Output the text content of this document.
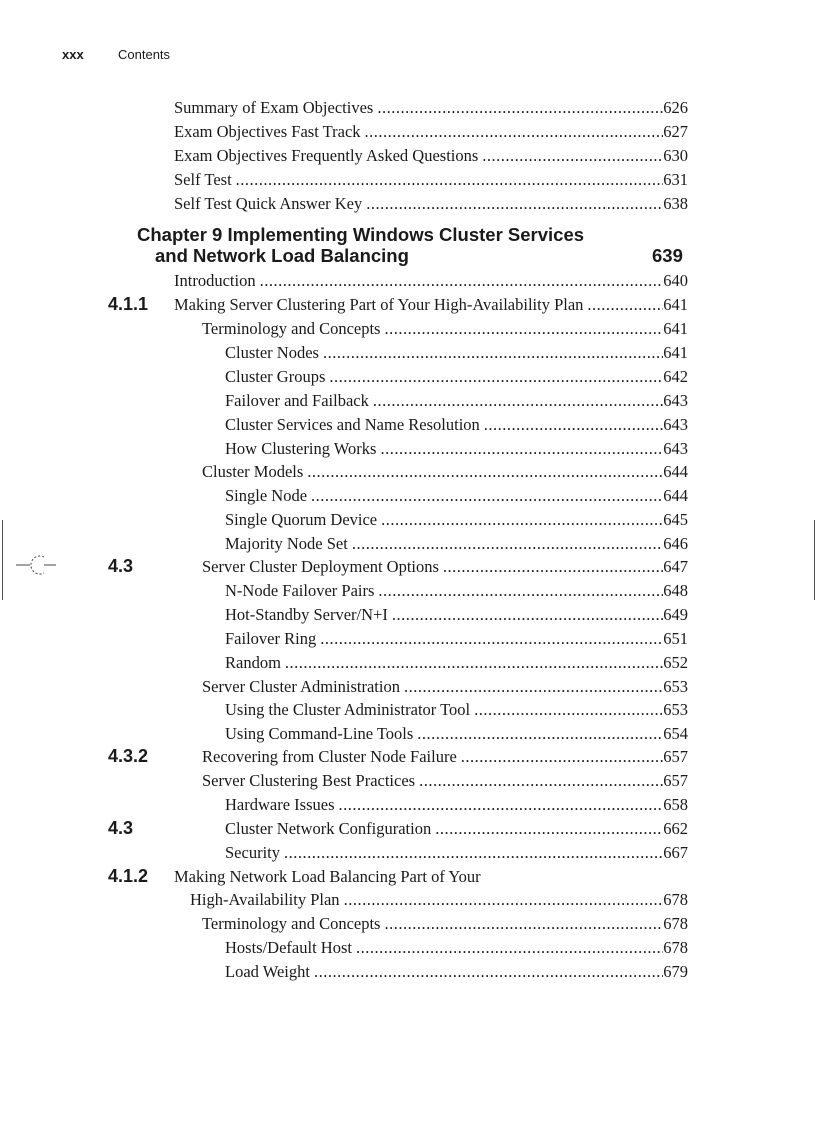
xxx	Contents
Chapter 9 Implementing Windows Cluster Services
and Network Load Balancing	639
Summary of Exam Objectives .....	626
Exam Objectives Fast Track .....	627
Exam Objectives Frequently Asked Questions .....	630
Self Test .....	631
Self Test Quick Answer Key .....	638
Introduction .....	640
Making Server Clustering Part of Your High-Availability Plan .....	641
4.1.1
Terminology and Concepts .....	641
Cluster Nodes .....	641
Cluster Groups .....	642
Failover and Failback .....	643
Cluster Services and Name Resolution .....	643
How Clustering Works .....	643
Cluster Models .....	644
Single Node .....	644
Single Quorum Device .....	645
Majority Node Set .....	646
Server Cluster Deployment Options .....	647
4.3
N-Node Failover Pairs .....	648
Hot-Standby Server/N+I .....	649
Failover Ring .....	651
Random .....	652
Server Cluster Administration .....	653
Using the Cluster Administrator Tool .....	653
Using Command-Line Tools .....	654
Recovering from Cluster Node Failure .....	657
4.3.2
Server Clustering Best Practices .....	657
Hardware Issues .....	658
Cluster Network Configuration .....	662
4.3
Security .....	667
Making Network Load Balancing Part of Your
4.1.2
High-Availability Plan .....	678
Terminology and Concepts .....	678
Hosts/Default Host .....	678
Load Weight .....	679
